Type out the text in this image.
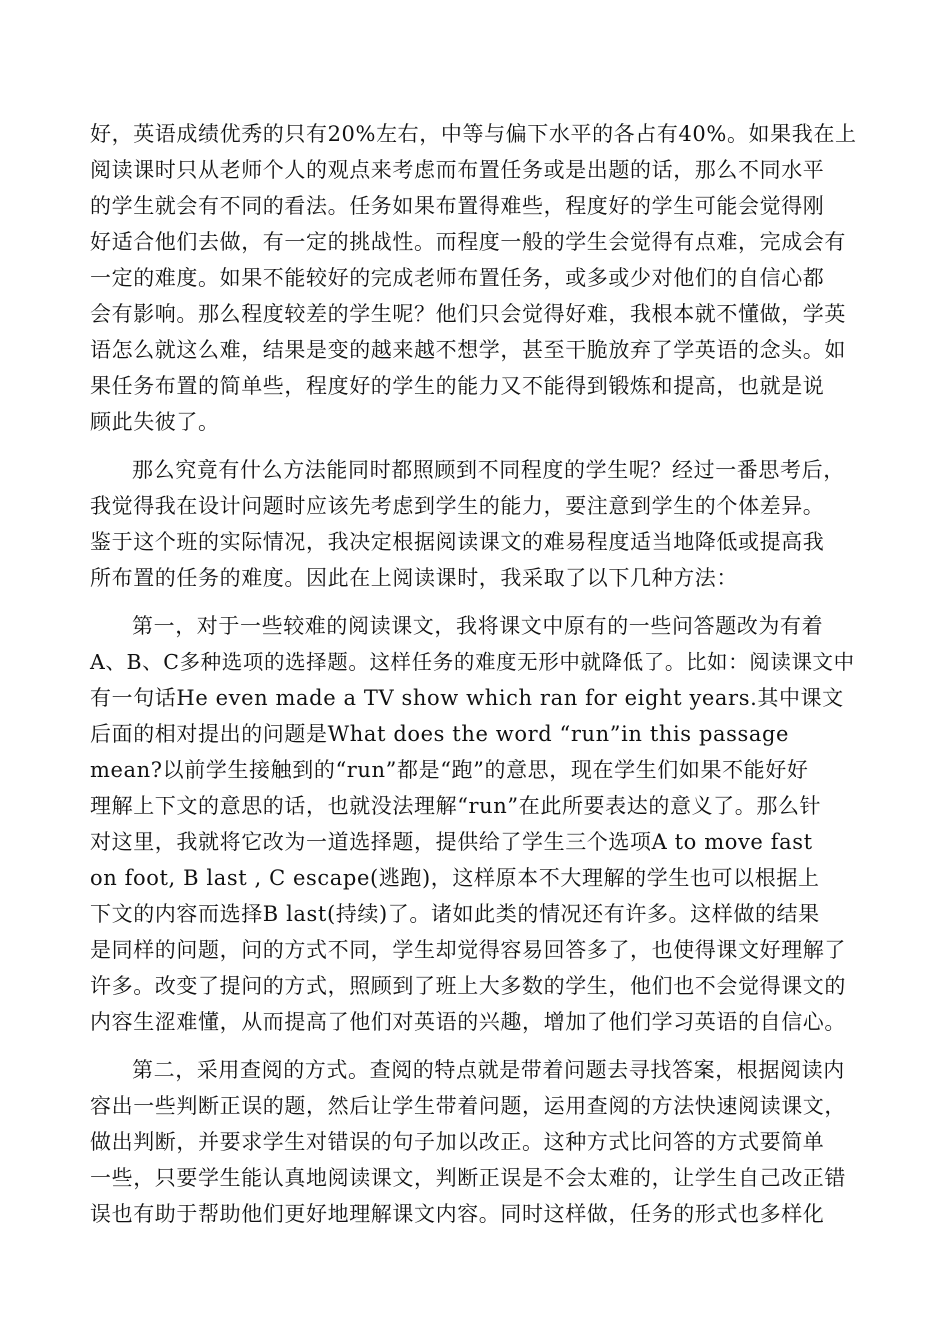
好，英语成绩优秀的只有20%左右，中等与偏下水平的各占有40%。如果我在上
阅读课时只从老师个人的观点来考虑而布置任务或是出题的话，那么不同水平
的学生就会有不同的看法。任务如果布置得难些，程度好的学生可能会觉得刚
好适合他们去做，有一定的挑战性。而程度一般的学生会觉得有点难，完成会有
一定的难度。如果不能较好的完成老师布置任务，或多或少对他们的自信心都
会有影响。那么程度较差的学生呢？他们只会觉得好难，我根本就不懂做，学英
语怎么就这么难，结果是变的越来越不想学，甚至干脆放弃了学英语的念头。如
果任务布置的简单些，程度好的学生的能力又不能得到锻炼和提高，也就是说
顾此失彼了。
那么究竟有什么方法能同时都照顾到不同程度的学生呢？经过一番思考后，
我觉得我在设计问题时应该先考虑到学生的能力，要注意到学生的个体差异。
鉴于这个班的实际情况，我决定根据阅读课文的难易程度适当地降低或提高我
所布置的任务的难度。因此在上阅读课时，我采取了以下几种方法：
第一，对于一些较难的阅读课文，我将课文中原有的一些问答题改为有着
A、B、C多种选项的选择题。这样任务的难度无形中就降低了。比如：阅读课文中
有一句话He even made a TV show which ran for eight years.其中课文
后面的相对提出的问题是What does the word “run”in this passage
mean?以前学生接触到的“run”都是“跑”的意思，现在学生们如果不能好好
理解上下文的意思的话，也就没法理解“run”在此所要表达的意义了。那么针
对这里，我就将它改为一道选择题，提供给了学生三个选项A to move fast
on foot, B last , C escape(逃跑)，这样原本不大理解的学生也可以根据上
下文的内容而选择B last(持续)了。诸如此类的情况还有许多。这样做的结果
是同样的问题，问的方式不同，学生却觉得容易回答多了，也使得课文好理解了
许多。改变了提问的方式，照顾到了班上大多数的学生，他们也不会觉得课文的
内容生涩难懂，从而提高了他们对英语的兴趣，增加了他们学习英语的自信心。
第二，采用查阅的方式。查阅的特点就是带着问题去寻找答案，根据阅读内
容出一些判断正误的题，然后让学生带着问题，运用查阅的方法快速阅读课文，
做出判断，并要求学生对错误的句子加以改正。这种方式比问答的方式要简单
一些，只要学生能认真地阅读课文，判断正误是不会太难的，让学生自己改正错
误也有助于帮助他们更好地理解课文内容。同时这样做，任务的形式也多样化
